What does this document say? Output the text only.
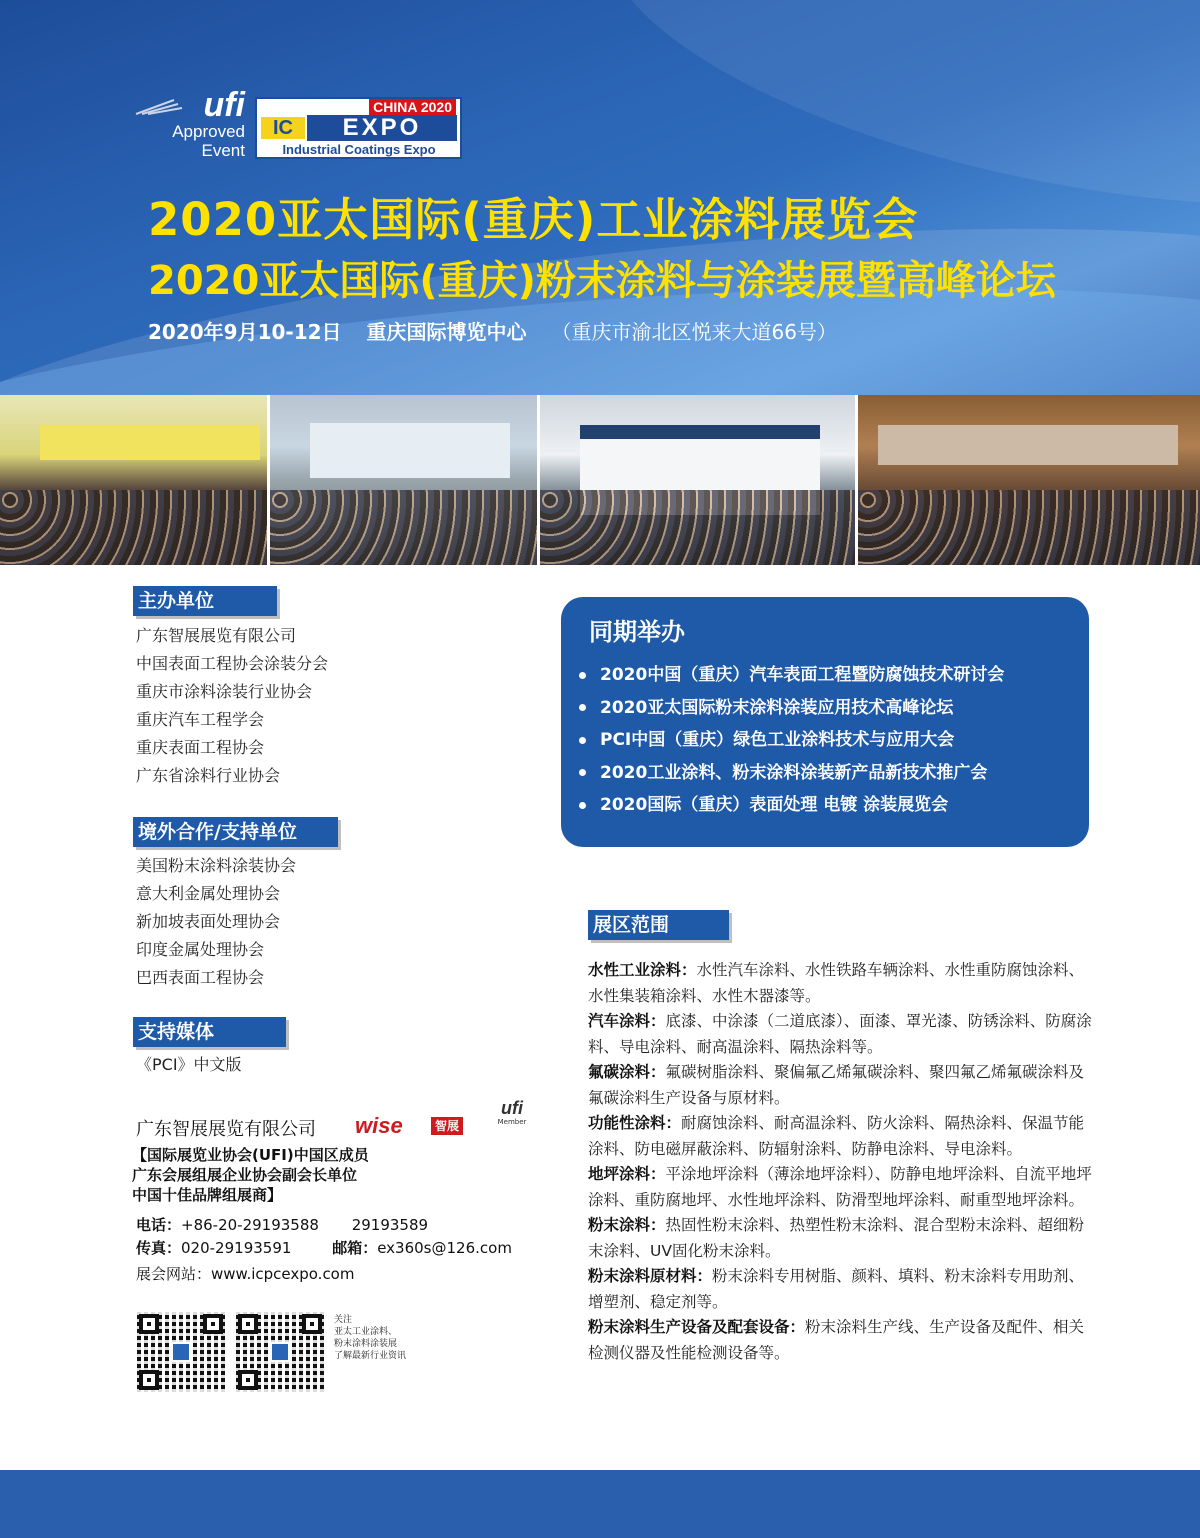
ufi
Approved
Event
CHINA 2020
IC	EXPO
Industrial Coatings Expo
2020亚太国际(重庆)工业涂料展览会
2020亚太国际(重庆)粉末涂料与涂装展暨高峰论坛
2020年9月10-12日 重庆国际博览中心 （重庆市渝北区悦来大道66号）
主办单位
广东智展展览有限公司
中国表面工程协会涂装分会
重庆市涂料涂装行业协会
重庆汽车工程学会
重庆表面工程协会
广东省涂料行业协会
境外合作/支持单位
美国粉末涂料涂装协会
意大利金属处理协会
新加坡表面处理协会
印度金属处理协会
巴西表面工程协会
支持媒体
《PCI》中文版
广东智展展览有限公司 wise	智展
ufi
Member
【国际展览业协会(UFI)中国区成员
广东会展组展企业协会副会长单位
中国十佳品牌组展商】
电话：+86-20-29193588 29193589
传真：020-29193591	邮箱：ex360s@126.com
展会网站：www.icpcexpo.com
关注
亚太工业涂料、
粉末涂料涂装展
了解最新行业资讯
同期举办
2020中国（重庆）汽车表面工程暨防腐蚀技术研讨会
2020亚太国际粉末涂料涂装应用技术高峰论坛
PCI中国（重庆）绿色工业涂料技术与应用大会
2020工业涂料、粉末涂料涂装新产品新技术推广会
2020国际（重庆）表面处理 电镀 涂装展览会
展区范围

水性工业涂料：水性汽车涂料、水性铁路车辆涂料、水性重防腐蚀涂料、水性集装箱涂料、水性木器漆等。

汽车涂料：底漆、中涂漆（二道底漆）、面漆、罩光漆、防锈涂料、防腐涂料、导电涂料、耐高温涂料、隔热涂料等。

氟碳涂料：氟碳树脂涂料、聚偏氟乙烯氟碳涂料、聚四氟乙烯氟碳涂料及氟碳涂料生产设备与原材料。

功能性涂料：耐腐蚀涂料、耐高温涂料、防火涂料、隔热涂料、保温节能涂料、防电磁屏蔽涂料、防辐射涂料、防静电涂料、导电涂料。

地坪涂料：平涂地坪涂料（薄涂地坪涂料）、防静电地坪涂料、自流平地坪涂料、重防腐地坪、水性地坪涂料、防滑型地坪涂料、耐重型地坪涂料。

粉末涂料：热固性粉末涂料、热塑性粉末涂料、混合型粉末涂料、超细粉末涂料、UV固化粉末涂料。

粉末涂料原材料：粉末涂料专用树脂、颜料、填料、粉末涂料专用助剂、增塑剂、稳定剂等。

粉末涂料生产设备及配套设备：粉末涂料生产线、生产设备及配件、相关检测仪器及性能检测设备等。
